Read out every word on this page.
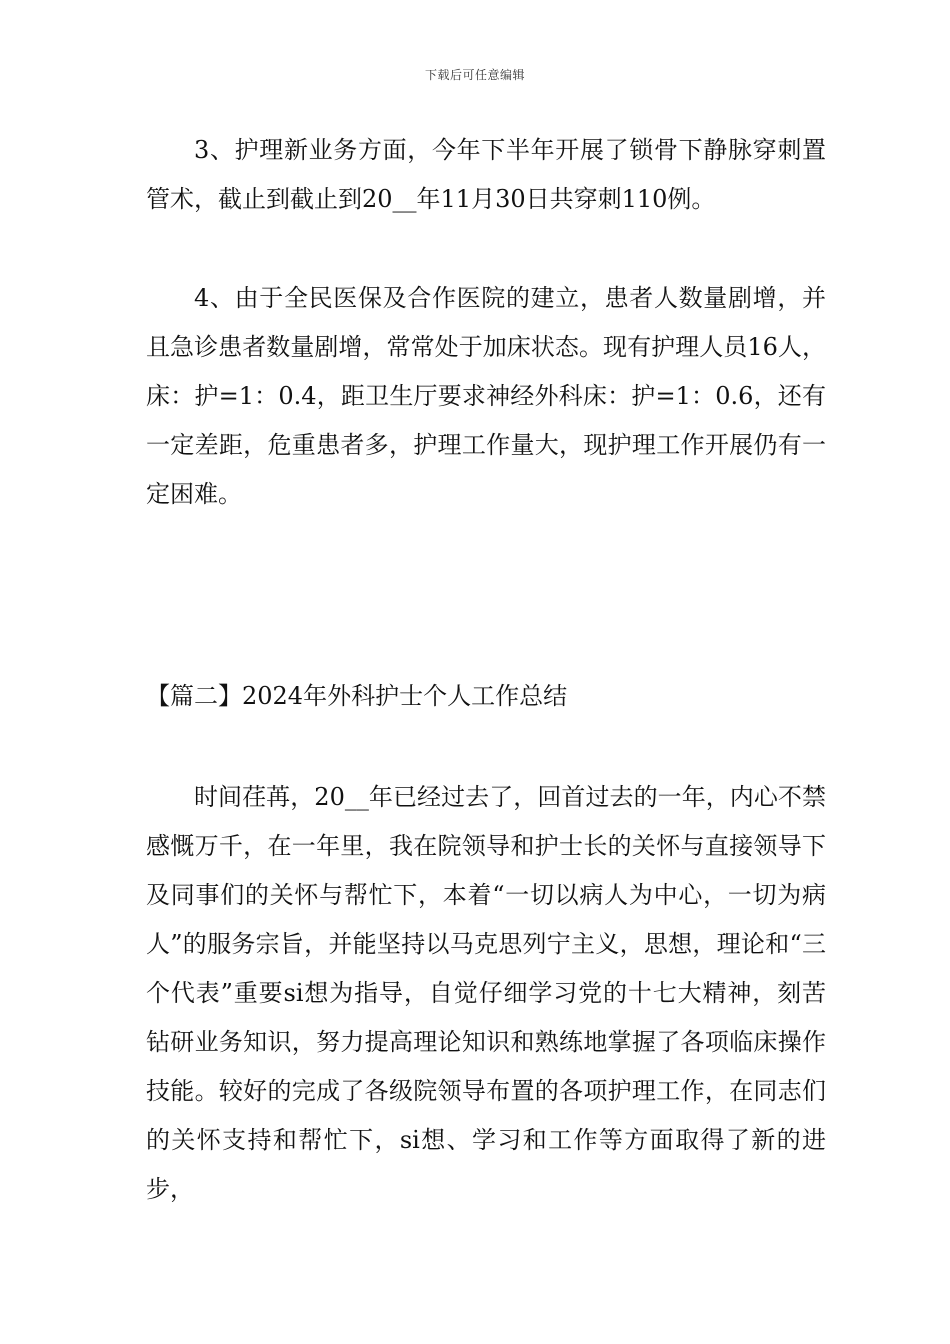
下载后可任意编辑

3、护理新业务方面，今年下半年开展了锁骨下静脉穿刺置管术，截止到截止到20__年11月30日共穿刺110例。

4、由于全民医保及合作医院的建立，患者人数量剧增，并且急诊患者数量剧增，常常处于加床状态。现有护理人员16人，床：护=1：0.4，距卫生厅要求神经外科床：护=1：0.6，还有一定差距，危重患者多，护理工作量大，现护理工作开展仍有一定困难。

【篇二】2024年外科护士个人工作总结

时间荏苒，20__年已经过去了，回首过去的一年，内心不禁感慨万千，在一年里，我在院领导和护士长的关怀与直接领导下及同事们的关怀与帮忙下，本着“一切以病人为中心，一切为病人”的服务宗旨，并能坚持以马克思列宁主义，思想，理论和“三个代表”重要si想为指导，自觉仔细学习党的十七大精神，刻苦钻研业务知识，努力提高理论知识和熟练地掌握了各项临床操作技能。较好的完成了各级院领导布置的各项护理工作，在同志们的关怀支持和帮忙下，si想、学习和工作等方面取得了新的进步，
